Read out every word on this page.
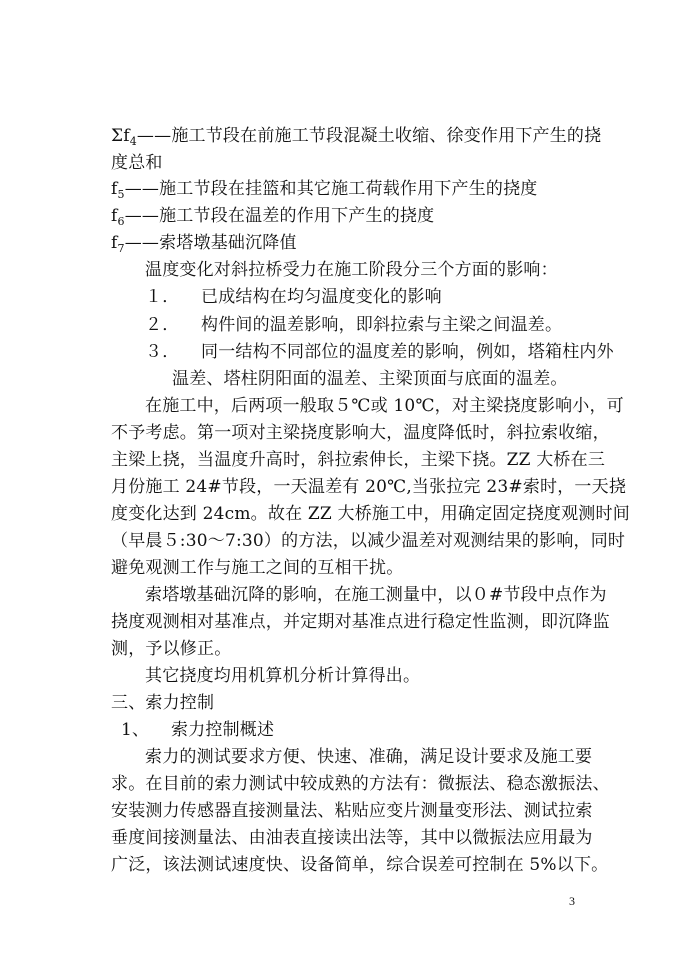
$\Sigma f_4——$施工节段在前施工节段混凝土收缩、徐变作用下产生的挠
度总和
$f_5——$施工节段在挂篮和其它施工荷载作用下产生的挠度
$f_6——$施工节段在温差的作用下产生的挠度
$f_7——$索塔墩基础沉降值
温度变化对斜拉桥受力在施工阶段分三个方面的影响：
１． 已成结构在均匀温度变化的影响
２． 构件间的温差影响，即斜拉索与主梁之间温差。
３． 同一结构不同部位的温度差的影响，例如，塔箱柱内外
温差、塔柱阴阳面的温差、主梁顶面与底面的温差。
在施工中，后两项一般取５℃或 10℃，对主梁挠度影响小，可
不予考虑。第一项对主梁挠度影响大，温度降低时，斜拉索收缩，
主梁上挠，当温度升高时，斜拉索伸长，主梁下挠。ZZ 大桥在三
月份施工 24#节段，一天温差有 20℃,当张拉完 23#索时，一天挠
度变化达到 24cm。故在 ZZ 大桥施工中，用确定固定挠度观测时间
（早晨５:30～7:30）的方法，以减少温差对观测结果的影响，同时
避免观测工作与施工之间的互相干扰。
索塔墩基础沉降的影响，在施工测量中，以０#节段中点作为
挠度观测相对基准点，并定期对基准点进行稳定性监测，即沉降监
测，予以修正。
其它挠度均用机算机分析计算得出。
三、索力控制
1、 索力控制概述
索力的测试要求方便、快速、准确，满足设计要求及施工要
求。在目前的索力测试中较成熟的方法有：微振法、稳态激振法、
安装测力传感器直接测量法、粘贴应变片测量变形法、测试拉索
垂度间接测量法、由油表直接读出法等，其中以微振法应用最为
广泛，该法测试速度快、设备简单，综合误差可控制在 5%以下。
3
